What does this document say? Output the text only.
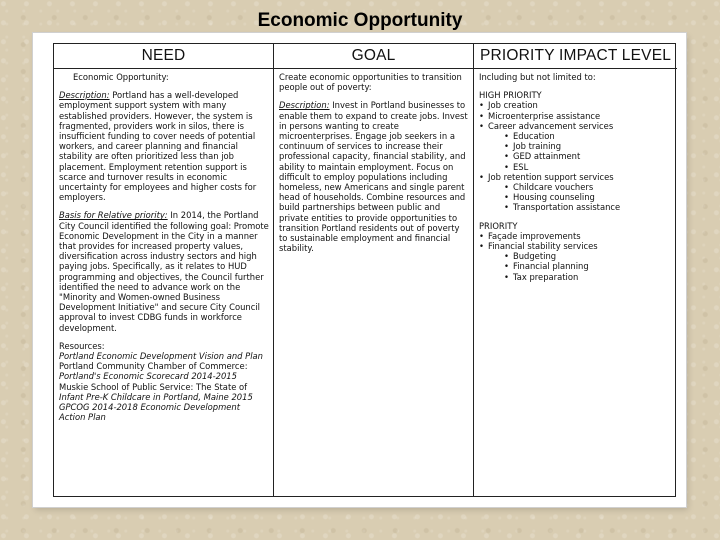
Economic Opportunity
NEED

Economic Opportunity:

Description: Portland has a well-developed employment support system with many established providers. However, the system is fragmented, providers work in silos, there is insufficient funding to cover needs of potential workers, and career planning and financial stability are often prioritized less than job placement. Employment retention support is scarce and turnover results in economic uncertainty for employees and higher costs for employers.

Basis for Relative priority: In 2014, the Portland City Council identified the following goal: Promote Economic Development in the City in a manner that provides for increased property values, diversification across industry sectors and high paying jobs. Specifically, as it relates to HUD programming and objectives, the Council further identified the need to advance work on the "Minority and Women-owned Business Development Initiative" and secure City Council approval to invest CDBG funds in workforce development.

Resources:

Portland Economic Development Vision and Plan

Portland Community Chamber of Commerce:

Portland's Economic Scorecard 2014-2015

Muskie School of Public Service: The State of

Infant Pre-K Childcare in Portland, Maine 2015

GPCOG 2014-2018 Economic Development

Action Plan

GOAL

Create economic opportunities to transition people out of poverty:

Description: Invest in Portland businesses to enable them to expand to create jobs. Invest in persons wanting to create microenterprises. Engage job seekers in a continuum of services to increase their professional capacity, financial stability, and ability to maintain employment. Focus on difficult to employ populations including homeless, new Americans and single parent head of households. Combine resources and build partnerships between public and private entities to provide opportunities to transition Portland residents out of poverty to sustainable employment and financial stability.

PRIORITY IMPACT LEVEL

Including but not limited to:

HIGH PRIORITY

• Job creation
• Microenterprise assistance
• Career advancement services
• Education
• Job training
• GED attainment
• ESL
• Job retention support services
• Childcare vouchers
• Housing counseling
• Transportation assistance

PRIORITY

• Façade improvements
• Financial stability services
• Budgeting
• Financial planning
• Tax preparation
